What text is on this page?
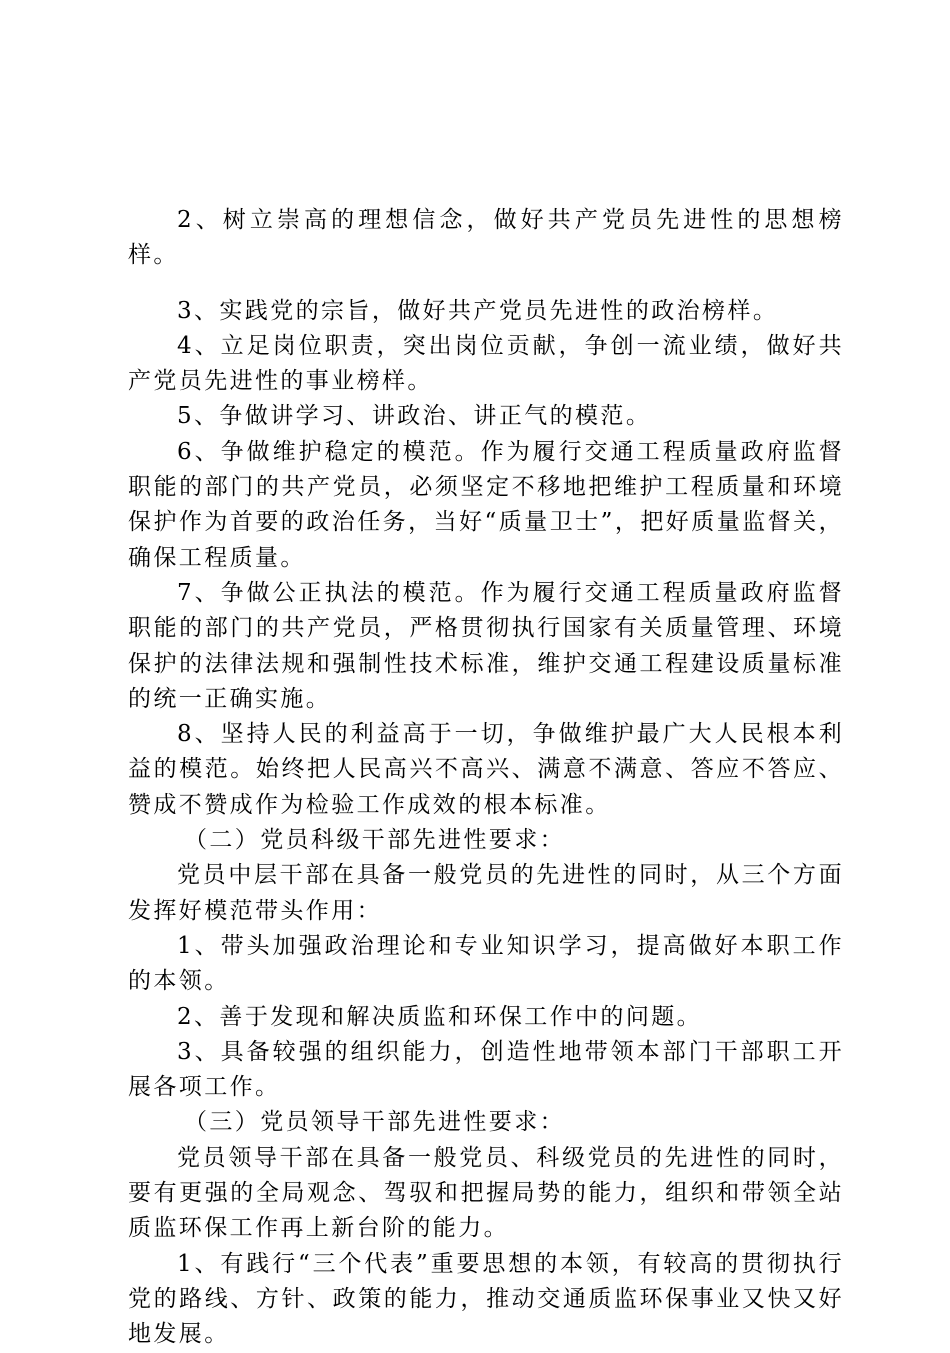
2、树立崇高的理想信念，做好共产党员先进性的思想榜样。

3、实践党的宗旨，做好共产党员先进性的政治榜样。

4、立足岗位职责，突出岗位贡献，争创一流业绩，做好共产党员先进性的事业榜样。

5、争做讲学习、讲政治、讲正气的模范。

6、争做维护稳定的模范。作为履行交通工程质量政府监督职能的部门的共产党员，必须坚定不移地把维护工程质量和环境保护作为首要的政治任务，当好“质量卫士”，把好质量监督关，确保工程质量。

7、争做公正执法的模范。作为履行交通工程质量政府监督职能的部门的共产党员，严格贯彻执行国家有关质量管理、环境保护的法律法规和强制性技术标准，维护交通工程建设质量标准的统一正确实施。

8、坚持人民的利益高于一切，争做维护最广大人民根本利益的模范。始终把人民高兴不高兴、满意不满意、答应不答应、赞成不赞成作为检验工作成效的根本标准。

（二）党员科级干部先进性要求：

党员中层干部在具备一般党员的先进性的同时，从三个方面发挥好模范带头作用：

1、带头加强政治理论和专业知识学习，提高做好本职工作的本领。

2、善于发现和解决质监和环保工作中的问题。

3、具备较强的组织能力，创造性地带领本部门干部职工开展各项工作。

（三）党员领导干部先进性要求：

党员领导干部在具备一般党员、科级党员的先进性的同时，要有更强的全局观念、驾驭和把握局势的能力，组织和带领全站质监环保工作再上新台阶的能力。

1、有践行“三个代表”重要思想的本领，有较高的贯彻执行党的路线、方针、政策的能力，推动交通质监环保事业又快又好地发展。
